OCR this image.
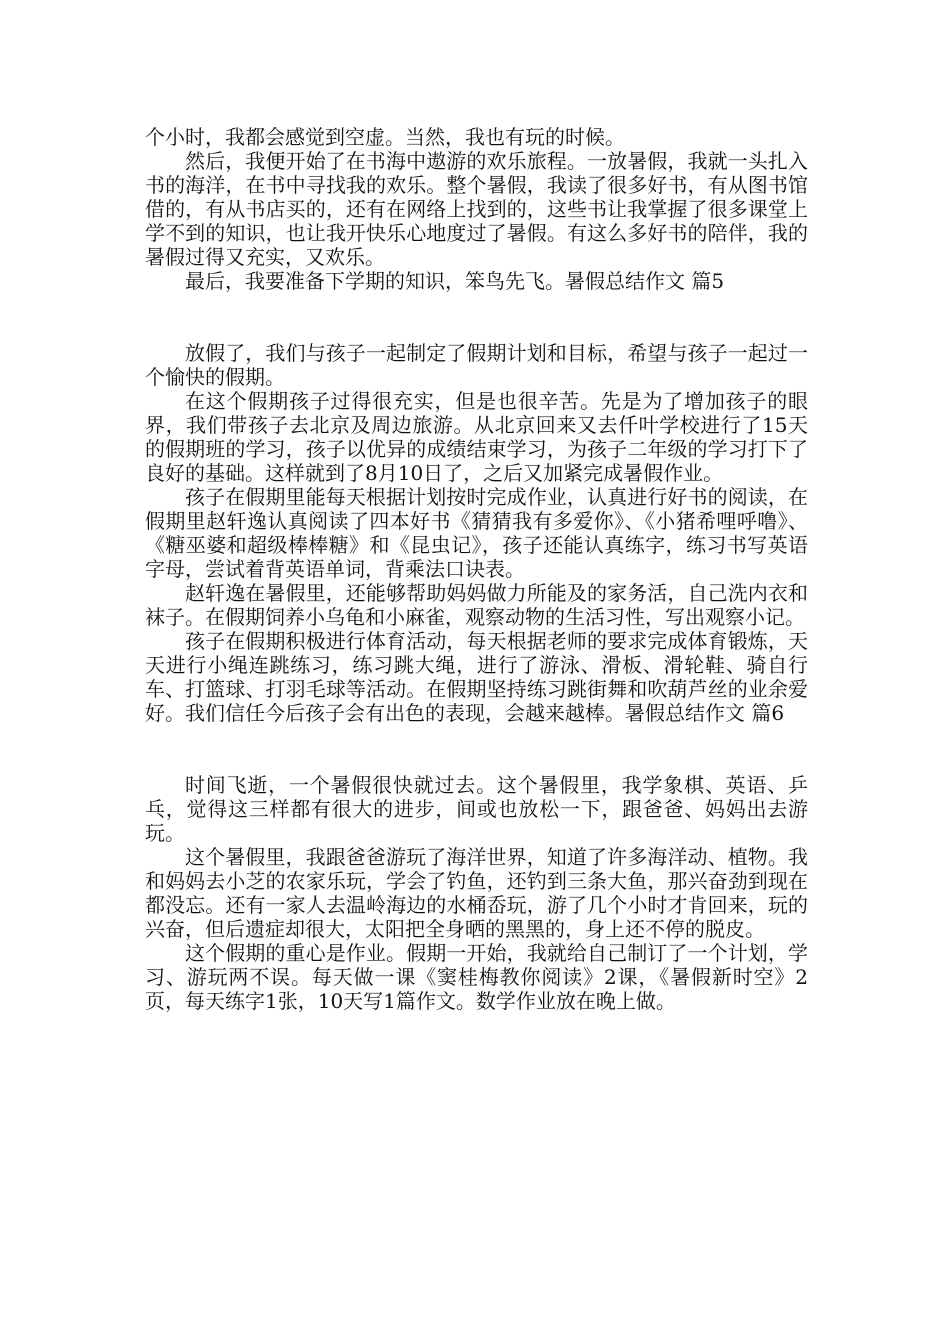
个小时，我都会感觉到空虚。当然，我也有玩的时候。

然后，我便开始了在书海中遨游的欢乐旅程。一放暑假，我就一头扎入书的海洋，在书中寻找我的欢乐。整个暑假，我读了很多好书，有从图书馆借的，有从书店买的，还有在网络上找到的，这些书让我掌握了很多课堂上学不到的知识，也让我开快乐心地度过了暑假。有这么多好书的陪伴，我的暑假过得又充实，又欢乐。

最后，我要准备下学期的知识，笨鸟先飞。暑假总结作文 篇5

放假了，我们与孩子一起制定了假期计划和目标，希望与孩子一起过一个愉快的假期。

在这个假期孩子过得很充实，但是也很辛苦。先是为了增加孩子的眼界，我们带孩子去北京及周边旅游。从北京回来又去仟叶学校进行了15天的假期班的学习，孩子以优异的成绩结束学习，为孩子二年级的学习打下了良好的基础。这样就到了8月10日了，之后又加紧完成暑假作业。

孩子在假期里能每天根据计划按时完成作业，认真进行好书的阅读，在假期里赵轩逸认真阅读了四本好书《猜猜我有多爱你》、《小猪希哩呼噜》、《糖巫婆和超级棒棒糖》和《昆虫记》，孩子还能认真练字，练习书写英语字母，尝试着背英语单词，背乘法口诀表。

赵轩逸在暑假里，还能够帮助妈妈做力所能及的家务活，自己洗内衣和袜子。在假期饲养小乌龟和小麻雀，观察动物的生活习性，写出观察小记。

孩子在假期积极进行体育活动，每天根据老师的要求完成体育锻炼，天天进行小绳连跳练习，练习跳大绳，进行了游泳、滑板、滑轮鞋、骑自行车、打篮球、打羽毛球等活动。在假期坚持练习跳街舞和吹葫芦丝的业余爱好。我们信任今后孩子会有出色的表现，会越来越棒。暑假总结作文 篇6

时间飞逝，一个暑假很快就过去。这个暑假里，我学象棋、英语、乒乓，觉得这三样都有很大的进步，间或也放松一下，跟爸爸、妈妈出去游玩。

这个暑假里，我跟爸爸游玩了海洋世界，知道了许多海洋动、植物。我和妈妈去小芝的农家乐玩，学会了钓鱼，还钓到三条大鱼，那兴奋劲到现在都没忘。还有一家人去温岭海边的水桶岙玩，游了几个小时才肯回来，玩的兴奋，但后遗症却很大，太阳把全身晒的黑黑的，身上还不停的脱皮。

这个假期的重心是作业。假期一开始，我就给自己制订了一个计划，学习、游玩两不误。每天做一课《窦桂梅教你阅读》2课，《暑假新时空》2页，每天练字1张，10天写1篇作文。数学作业放在晚上做。
